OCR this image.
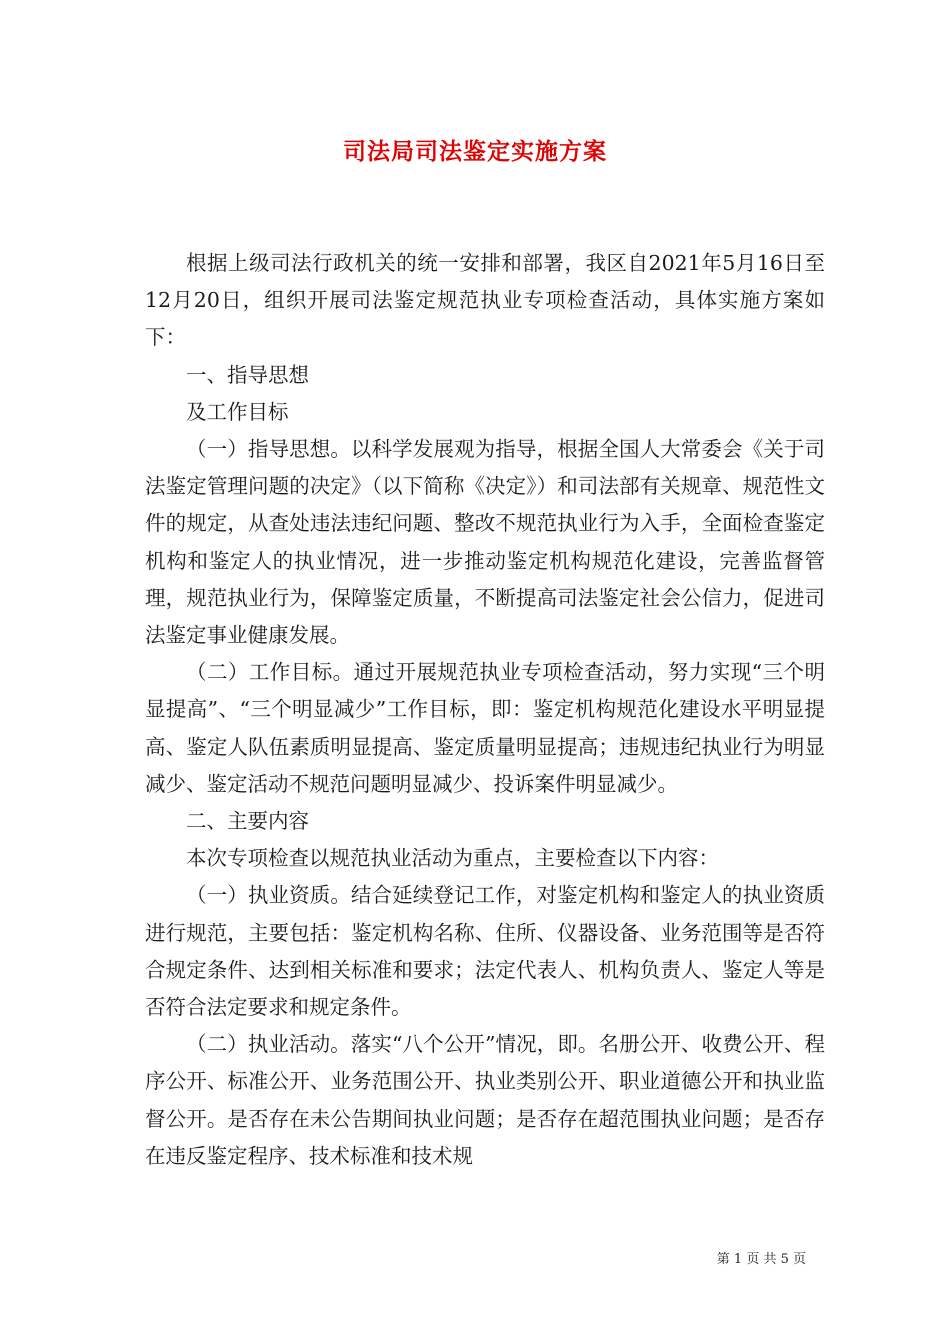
司法局司法鉴定实施方案

根据上级司法行政机关的统一安排和部署，我区自2021年5月16日至12月20日，组织开展司法鉴定规范执业专项检查活动，具体实施方案如下：

一、指导思想

及工作目标

（一）指导思想。以科学发展观为指导，根据全国人大常委会《关于司法鉴定管理问题的决定》（以下简称《决定》）和司法部有关规章、规范性文件的规定，从查处违法违纪问题、整改不规范执业行为入手，全面检查鉴定机构和鉴定人的执业情况，进一步推动鉴定机构规范化建设，完善监督管理，规范执业行为，保障鉴定质量，不断提高司法鉴定社会公信力，促进司法鉴定事业健康发展。

（二）工作目标。通过开展规范执业专项检查活动，努力实现“三个明显提高”、“三个明显减少”工作目标，即：鉴定机构规范化建设水平明显提高、鉴定人队伍素质明显提高、鉴定质量明显提高；违规违纪执业行为明显减少、鉴定活动不规范问题明显减少、投诉案件明显减少。

二、主要内容

本次专项检查以规范执业活动为重点，主要检查以下内容：

（一）执业资质。结合延续登记工作，对鉴定机构和鉴定人的执业资质进行规范，主要包括：鉴定机构名称、住所、仪器设备、业务范围等是否符合规定条件、达到相关标准和要求；法定代表人、机构负责人、鉴定人等是否符合法定要求和规定条件。

（二）执业活动。落实“八个公开”情况，即。名册公开、收费公开、程序公开、标准公开、业务范围公开、执业类别公开、职业道德公开和执业监督公开。是否存在未公告期间执业问题；是否存在超范围执业问题；是否存在违反鉴定程序、技术标准和技术规

第 1 页 共 5 页
